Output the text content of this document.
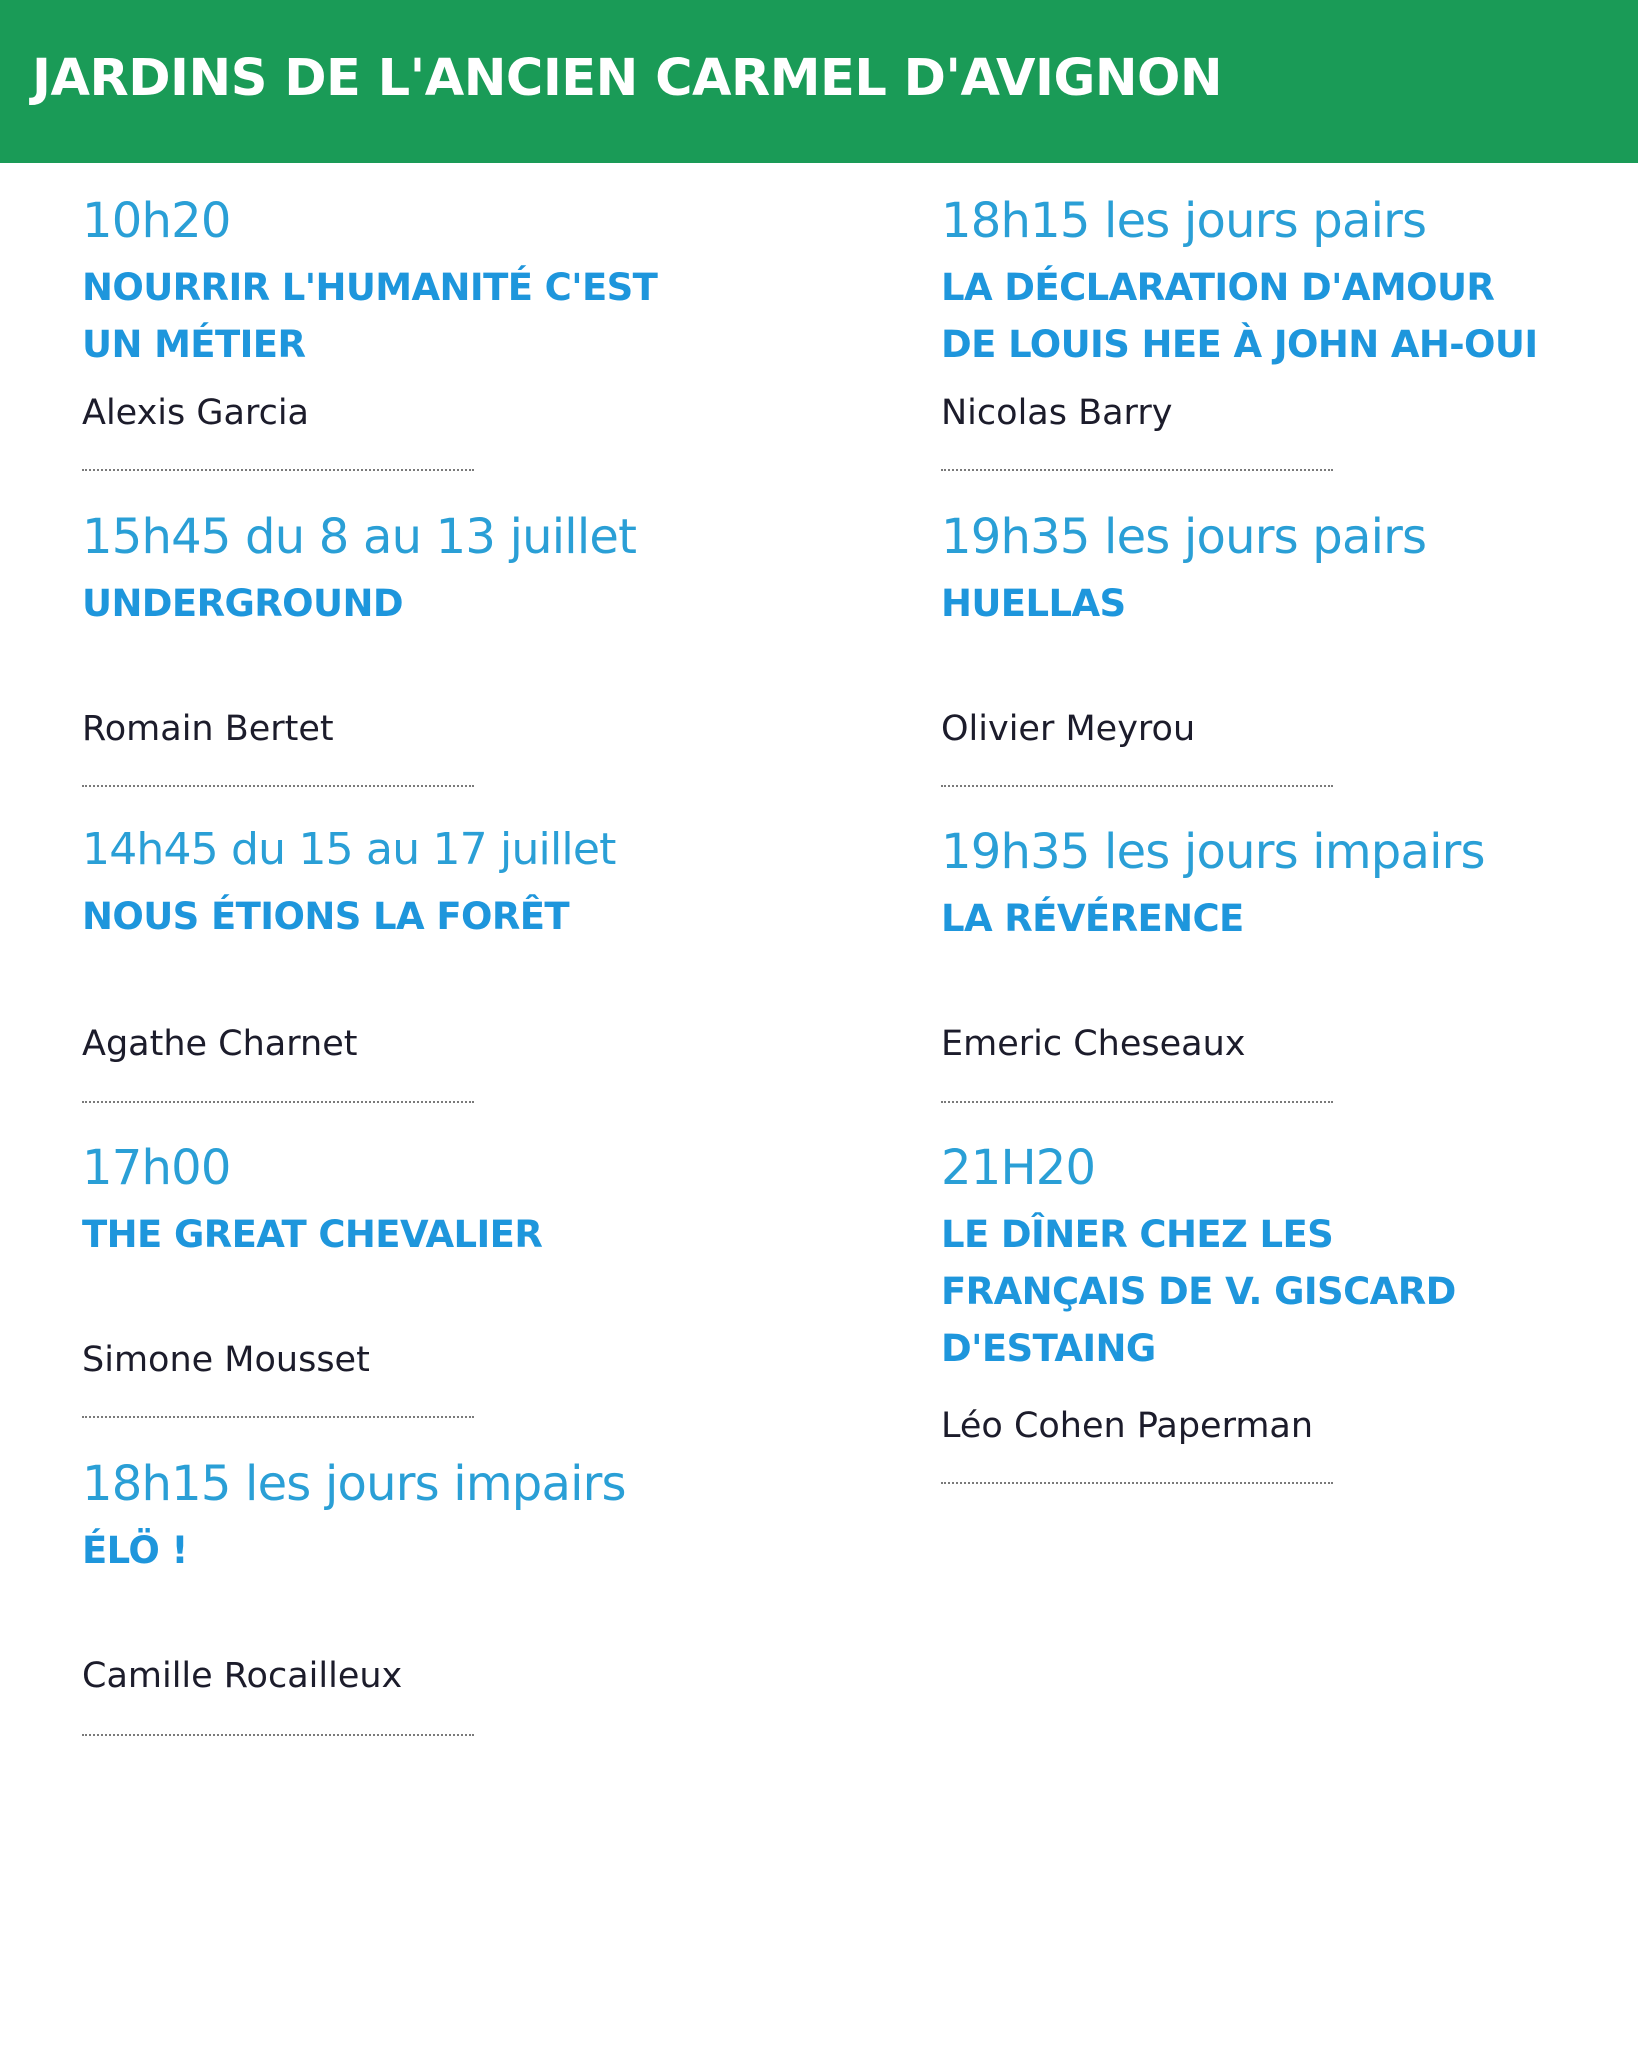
JARDINS DE L'ANCIEN CARMEL D'AVIGNON
10h20
NOURRIR L'HUMANITÉ C'EST UN MÉTIER
Alexis Garcia
15h45 du 8 au 13 juillet
UNDERGROUND
Romain Bertet
14h45 du 15 au 17 juillet
NOUS ÉTIONS LA FORÊT
Agathe Charnet
17h00
THE GREAT CHEVALIER
Simone Mousset
18h15 les jours impairs
ÉLÖ !
Camille Rocailleux
18h15 les jours pairs
LA DÉCLARATION D'AMOUR DE LOUIS HEE À JOHN AH-OUI
Nicolas Barry
19h35 les jours pairs
HUELLAS
Olivier Meyrou
19h35 les jours impairs
LA RÉVÉRENCE
Emeric Cheseaux
21H20
LE DÎNER CHEZ LES FRANÇAIS DE V. GISCARD D'ESTAING
Léo Cohen Paperman
